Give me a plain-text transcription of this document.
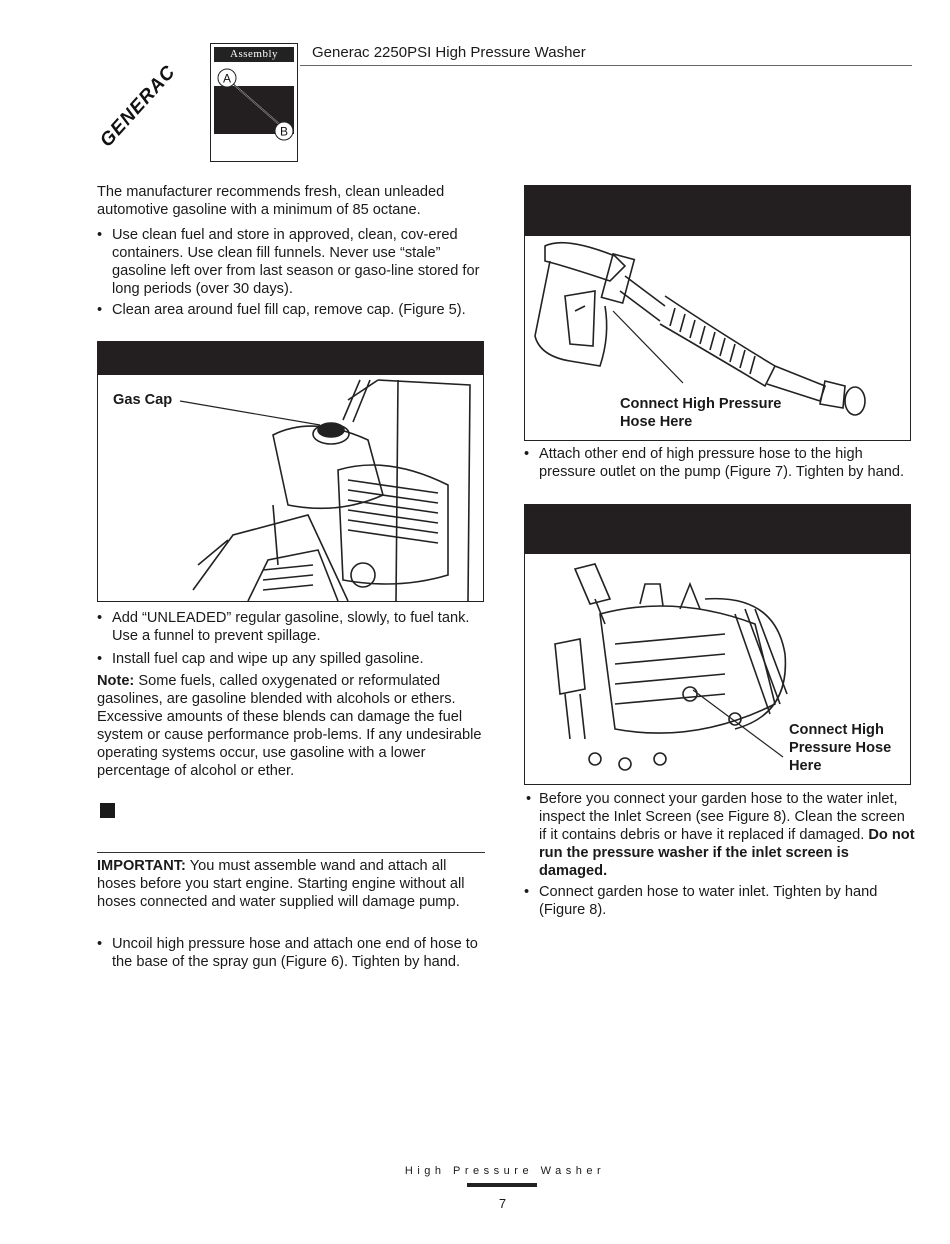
GENERAC
Assembly
A
B
Generac 2250PSI High Pressure Washer

The manufacturer recommends fresh, clean unleaded automotive gasoline with a minimum of 85 octane.

• Use clean fuel and store in approved, clean, cov-ered containers. Use clean fill funnels. Never use “stale” gasoline left over from last season or gaso-line stored for long periods (over 30 days).
• Clean area around fuel fill cap, remove cap. (Figure 5).
Gas Cap
• Add “UNLEADED” regular gasoline, slowly, to fuel tank. Use a funnel to prevent spillage.
• Install fuel cap and wipe up any spilled gasoline.

Note: Some fuels, called oxygenated or reformulated gasolines, are gasoline blended with alcohols or ethers. Excessive amounts of these blends can damage the fuel system or cause performance prob-lems. If any undesirable operating systems occur, use gasoline with a lower percentage of alcohol or ether.

IMPORTANT: You must assemble wand and attach all hoses before you start engine. Starting engine without all hoses connected and water supplied will damage pump.

• Uncoil high pressure hose and attach one end of hose to the base of the spray gun (Figure 6). Tighten by hand.
Connect High Pressure Hose Here
• Attach other end of high pressure hose to the high pressure outlet on the pump (Figure 7). Tighten by hand.
Connect High Pressure Hose Here
• Before you connect your garden hose to the water inlet, inspect the Inlet Screen (see Figure 8). Clean the screen if it contains debris or have it replaced if damaged. Do not run the pressure washer if the inlet screen is damaged.
• Connect garden hose to water inlet. Tighten by hand (Figure 8).
High Pressure Washer
7
